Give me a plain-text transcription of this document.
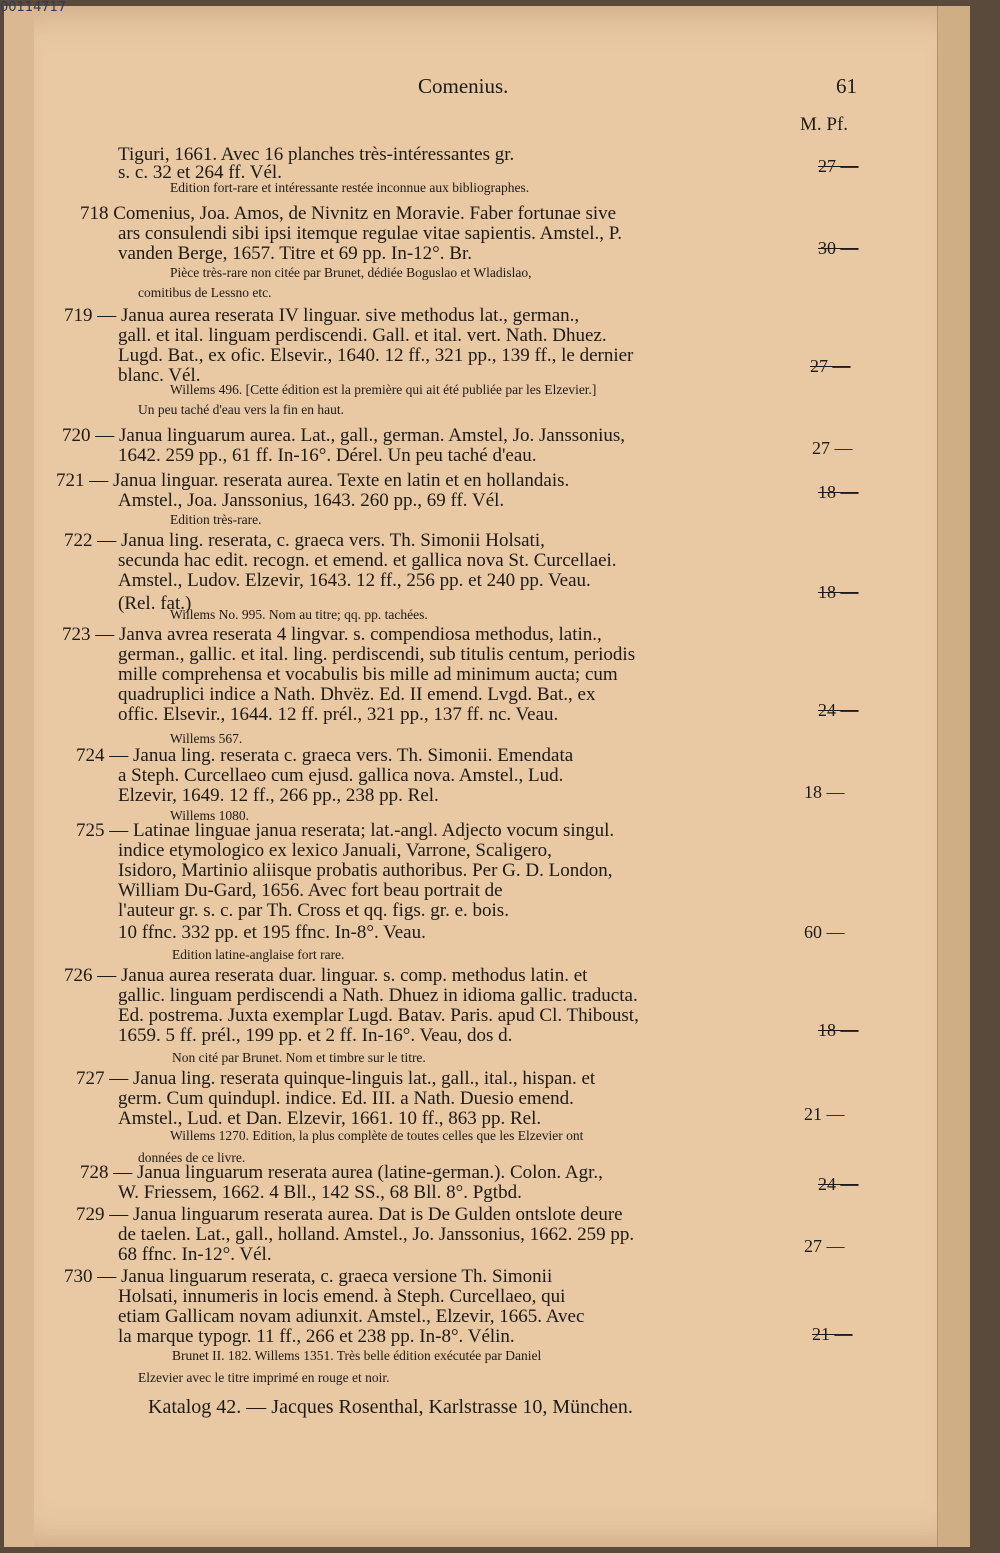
00114717
Comenius.	61
M. Pf.
Tiguri, 1661. Avec 16 planches très-intéressantes gr.
s. c. 32 et 264 ff. Vél.
Edition fort-rare et intéressante restée inconnue aux bibliographes.
718 Comenius, Joa. Amos, de Nivnitz en Moravie. Faber fortunae sive
ars consulendi sibi ipsi itemque regulae vitae sapientis. Amstel., P.
vanden Berge, 1657. Titre et 69 pp. In-12°. Br.
Pièce très-rare non citée par Brunet, dédiée Boguslao et Wladislao,
comitibus de Lessno etc.
719 — Janua aurea reserata IV linguar. sive methodus lat., german.,
gall. et ital. linguam perdiscendi. Gall. et ital. vert. Nath. Dhuez.
Lugd. Bat., ex ofic. Elsevir., 1640. 12 ff., 321 pp., 139 ff., le dernier
blanc. Vél.
Willems 496. [Cette édition est la première qui ait été publiée par les Elzevier.]
Un peu taché d'eau vers la fin en haut.
720 — Janua linguarum aurea. Lat., gall., german. Amstel, Jo. Janssonius,
1642. 259 pp., 61 ff. In-16°. Dérel. Un peu taché d'eau.
721 — Janua linguar. reserata aurea. Texte en latin et en hollandais.
Amstel., Joa. Janssonius, 1643. 260 pp., 69 ff. Vél.
Edition très-rare.
722 — Janua ling. reserata, c. graeca vers. Th. Simonii Holsati,
secunda hac edit. recogn. et emend. et gallica nova St. Curcellaei.
Amstel., Ludov. Elzevir, 1643. 12 ff., 256 pp. et 240 pp. Veau.
(Rel. fat.)
Willems No. 995. Nom au titre; qq. pp. tachées.
723 — Janva avrea reserata 4 lingvar. s. compendiosa methodus, latin.,
german., gallic. et ital. ling. perdiscendi, sub titulis centum, periodis
mille comprehensa et vocabulis bis mille ad minimum aucta; cum
quadruplici indice a Nath. Dhvëz. Ed. II emend. Lvgd. Bat., ex
offic. Elsevir., 1644. 12 ff. prél., 321 pp., 137 ff. nc. Veau.
Willems 567.
724 — Janua ling. reserata c. graeca vers. Th. Simonii. Emendata
a Steph. Curcellaeo cum ejusd. gallica nova. Amstel., Lud.
Elzevir, 1649. 12 ff., 266 pp., 238 pp. Rel.
Willems 1080.
725 — Latinae linguae janua reserata; lat.-angl. Adjecto vocum singul.
indice etymologico ex lexico Januali, Varrone, Scaligero,
Isidoro, Martinio aliisque probatis authoribus. Per G. D. London,
William Du-Gard, 1656. Avec fort beau portrait de
l'auteur gr. s. c. par Th. Cross et qq. figs. gr. e. bois.
10 ffnc. 332 pp. et 195 ffnc. In-8°. Veau.
Edition latine-anglaise fort rare.
726 — Janua aurea reserata duar. linguar. s. comp. methodus latin. et
gallic. linguam perdiscendi a Nath. Dhuez in idioma gallic. traducta.
Ed. postrema. Juxta exemplar Lugd. Batav. Paris. apud Cl. Thiboust,
1659. 5 ff. prél., 199 pp. et 2 ff. In-16°. Veau, dos d.
Non cité par Brunet. Nom et timbre sur le titre.
727 — Janua ling. reserata quinque-linguis lat., gall., ital., hispan. et
germ. Cum quindupl. indice. Ed. III. a Nath. Duesio emend.
Amstel., Lud. et Dan. Elzevir, 1661. 10 ff., 863 pp. Rel.
Willems 1270. Edition, la plus complète de toutes celles que les Elzevier ont
données de ce livre.
728 — Janua linguarum reserata aurea (latine-german.). Colon. Agr.,
W. Friessem, 1662. 4 Bll., 142 SS., 68 Bll. 8°. Pgtbd.
729 — Janua linguarum reserata aurea. Dat is De Gulden ontslote deure
de taelen. Lat., gall., holland. Amstel., Jo. Janssonius, 1662. 259 pp.
68 ffnc. In-12°. Vél.
730 — Janua linguarum reserata, c. graeca versione Th. Simonii
Holsati, innumeris in locis emend. à Steph. Curcellaeo, qui
etiam Gallicam novam adiunxit. Amstel., Elzevir, 1665. Avec
la marque typogr. 11 ff., 266 et 238 pp. In-8°. Vélin.
Brunet II. 182. Willems 1351. Très belle édition exécutée par Daniel
Elzevier avec le titre imprimé en rouge et noir.
27 —
30 —
27 —
27 —
18 —
18 —
24 —
18 —
60 —
18 —
21 —
24 —
27 —
21 —
Katalog 42. — Jacques Rosenthal, Karlstrasse 10, München.
